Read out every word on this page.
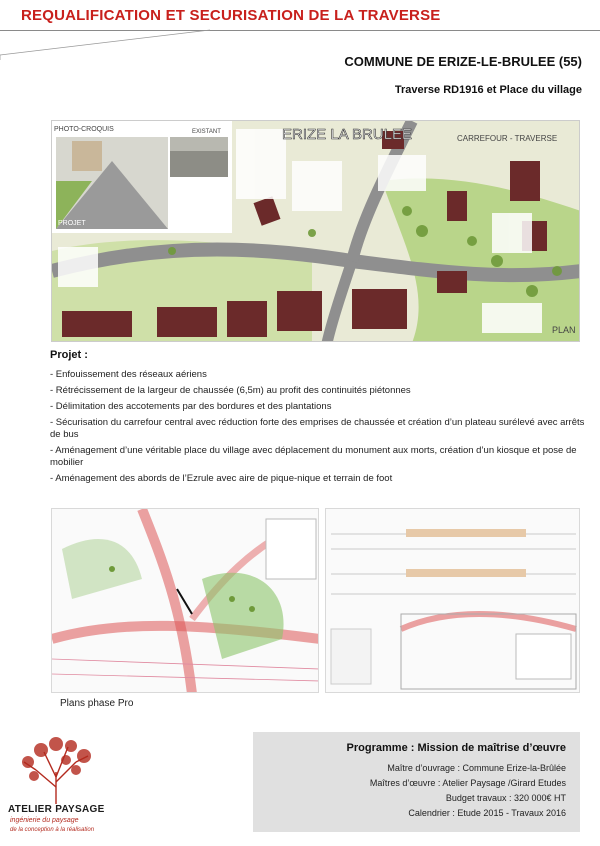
REQUALIFICATION ET SECURISATION DE LA TRAVERSE
COMMUNE DE ERIZE-LE-BRULEE (55)
Traverse RD1916 et Place du village
ERIZE LA BRULEE	CARREFOUR - TRAVERSE
PHOTO-CROQUIS	EXISTANT
PROJET
PLAN
Projet :
- Enfouissement des réseaux aériens
- Rétrécissement de la largeur de chaussée (6,5m) au profit des continuités piétonnes
- Délimitation des accotements par des bordures et des plantations
- Sécurisation du carrefour central avec réduction forte des emprises de chaussée et création d’un plateau surélevé avec arrêts de bus
- Aménagement d’une véritable place du village avec déplacement du monument aux morts, création d’un kiosque et pose de mobilier
- Aménagement des abords de l’Ezrule avec aire de pique-nique et terrain de foot
Plans phase Pro
ATELIER PAYSAGE
ingénierie du paysage
de la conception à la réalisation
Programme : Mission de maîtrise d’œuvre
Maître d’ouvrage : Commune Erize-la-Brûlée
Maîtres d’œuvre : Atelier Paysage /Girard Etudes
Budget travaux : 320 000€ HT
Calendrier : Etude 2015 - Travaux 2016
